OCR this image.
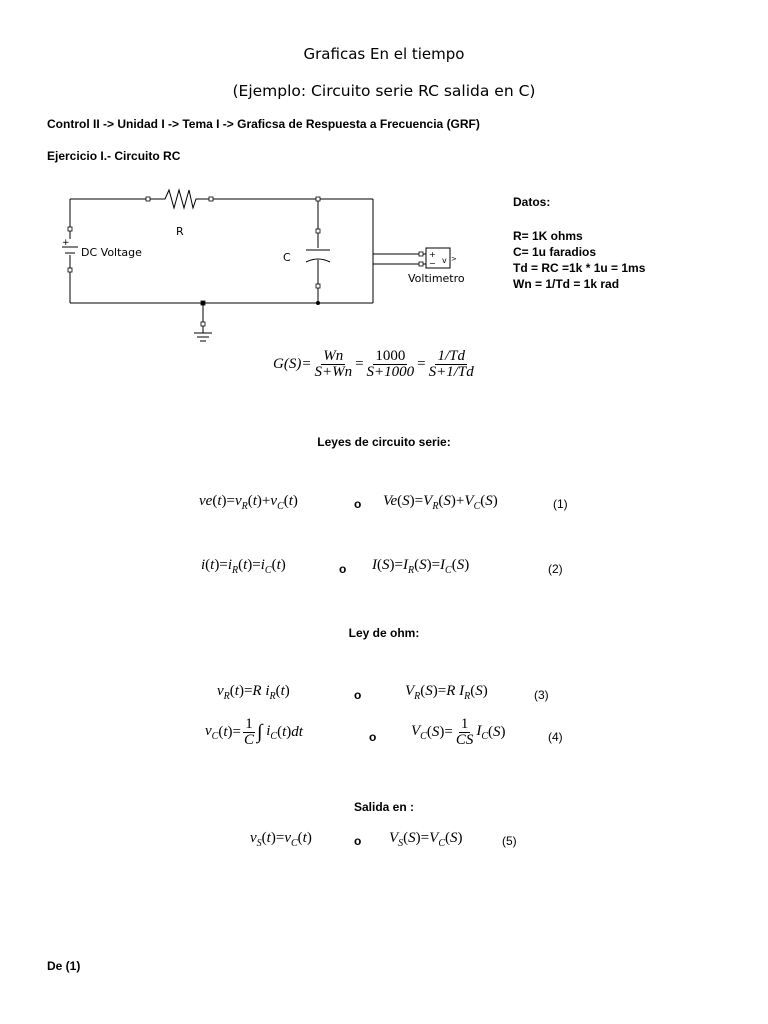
Graficas En el tiempo
(Ejemplo: Circuito serie RC salida en C)
Control II -> Unidad I -> Tema I -> Graficsa de Respuesta a Frecuencia (GRF)
Ejercicio I.- Circuito RC
+
+
− v >
DC Voltage
R
C
Voltimetro
Datos:
R= 1K ohms
C= 1u faradios
Td = RC =1k * 1u = 1ms
Wn = 1/Td = 1k rad
$G(S)= \frac{Wn}{S+Wn} = \frac{1000}{S+1000} = \frac{1/Td}{S+1/Td}$
Leyes de circuito serie:
$ve(t)=v_R(t)+v_C(t)$	o $Ve(S)=V_R(S)+V_C(S)$	(1)
$i(t)=i_R(t)=i_C(t)$	o $I(S)=I_R(S)=I_C(S)$	(2)
Ley de ohm:
$v_R(t)=R$ $i_R(t)$	o	$V_R(S)=R$ $I_R(S)$	(3)
$v_C$ ( t )= $\frac{1}{C}$ ∫
$i_C$ ( t ) dt	o $V_C$ ( S )= $\frac{1}{CS} I_C$ ( S )	(4)
Salida en :
$v_S(t)=v_C(t)$	o $V_S(S)=V_C(S)$	(5)
De (1)
